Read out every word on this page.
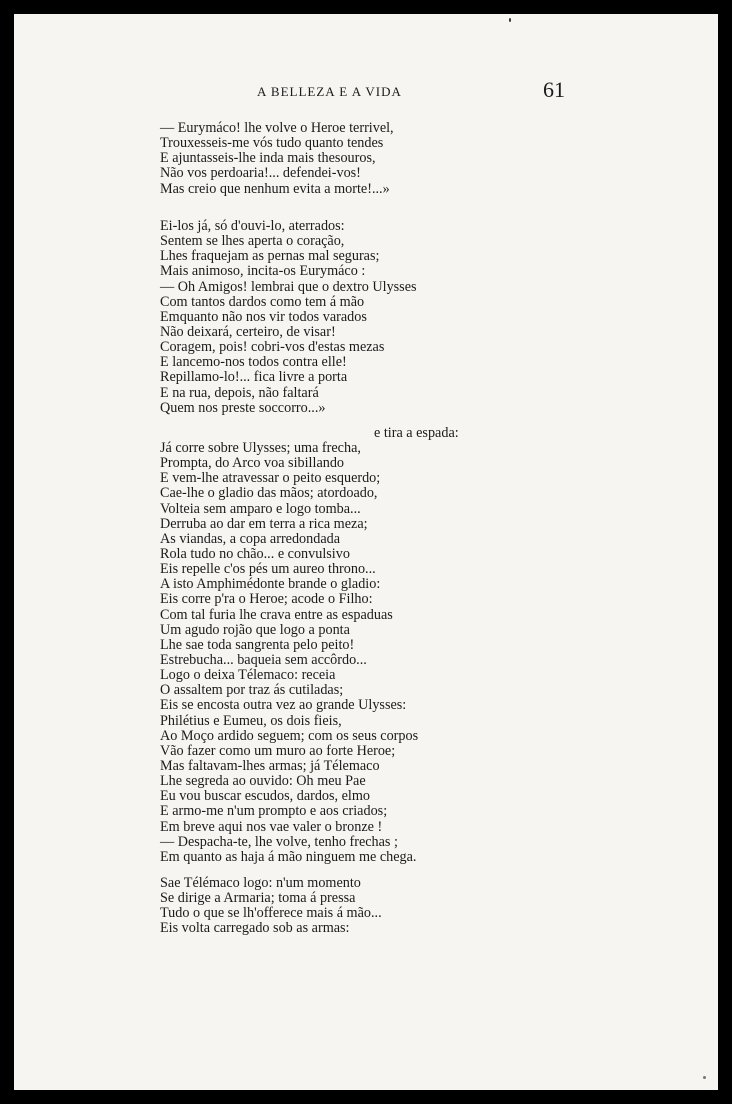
A BELLEZA E A VIDA	61
— Eurymáco! lhe volve o Heroe terrivel,
Trouxesseis-me vós tudo quanto tendes
E ajuntasseis-lhe inda mais thesouros,
Não vos perdoaria!... defendei-vos!
Mas creio que nenhum evita a morte!...»
Ei-los já, só d'ouvi-lo, aterrados:
Sentem se lhes aperta o coração,
Lhes fraquejam as pernas mal seguras;
Mais animoso, incita-os Eurymáco :
— Oh Amigos! lembrai que o dextro Ulysses
Com tantos dardos como tem á mão
Emquanto não nos vir todos varados
Não deixará, certeiro, de visar!
Coragem, pois! cobri-vos d'estas mezas
E lancemo-nos todos contra elle!
Repillamo-lo!... fica livre a porta
E na rua, depois, não faltará
Quem nos preste soccorro...»
e tira a espada:
Já corre sobre Ulysses; uma frecha,
Prompta, do Arco voa sibillando
E vem-lhe atravessar o peito esquerdo;
Cae-lhe o gladio das mãos; atordoado,
Volteia sem amparo e logo tomba...
Derruba ao dar em terra a rica meza;
As viandas, a copa arredondada
Rola tudo no chão... e convulsivo
Eis repelle c'os pés um aureo throno...
A isto Amphimédonte brande o gladio:
Eis corre p'ra o Heroe; acode o Filho:
Com tal furia lhe crava entre as espaduas
Um agudo rojão que logo a ponta
Lhe sae toda sangrenta pelo peito!
Estrebucha... baqueia sem accôrdo...
Logo o deixa Télemaco: receia
O assaltem por traz ás cutiladas;
Eis se encosta outra vez ao grande Ulysses:
Philétius e Eumeu, os dois fieis,
Ao Moço ardido seguem; com os seus corpos
Vão fazer como um muro ao forte Heroe;
Mas faltavam-lhes armas; já Télemaco
Lhe segreda ao ouvido: Oh meu Pae
Eu vou buscar escudos, dardos, elmo
E armo-me n'um prompto e aos criados;
Em breve aqui nos vae valer o bronze !
— Despacha-te, lhe volve, tenho frechas ;
Em quanto as haja á mão ninguem me chega.
Sae Télémaco logo: n'um momento
Se dirige a Armaria; toma á pressa
Tudo o que se lh'offerece mais á mão...
Eis volta carregado sob as armas:
